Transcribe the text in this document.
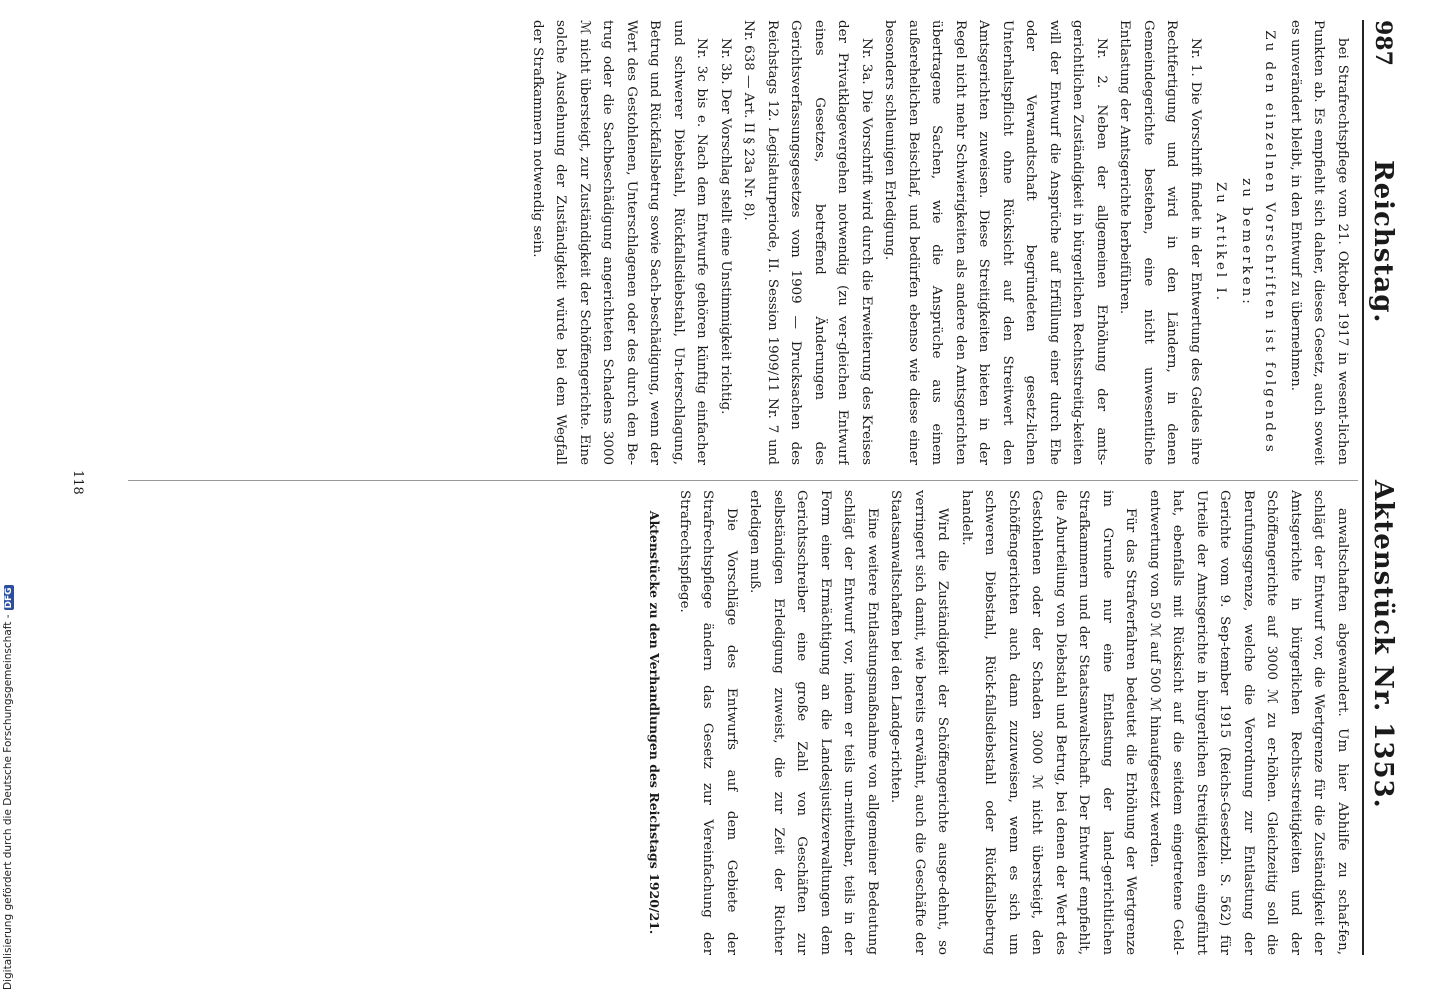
987
Reichstag.
Aktenstück Nr. 1353.

bei Strafrechtspflege vom 21. Oktober 1917 in wesent-lichen Punkten ab. Es empfiehlt sich daher, dieses Gesetz, auch soweit es unverändert bleibt, in den Entwurf zu übernehmen.

Zu den einzelnen Vorschriften ist folgendes zu bemerken:

Zu Artikel I.

Nr. 1. Die Vorschrift findet in der Entwertung des Geldes ihre Rechtfertigung und wird in den Ländern, in denen Gemeindegerichte bestehen, eine nicht unwesentliche Entlastung der Amtsgerichte herbeiführen.

Nr. 2. Neben der allgemeinen Erhöhung der amts-gerichtlichen Zuständigkeit in bürgerlichen Rechtsstreitig-keiten will der Entwurf die Ansprüche auf Erfüllung einer durch Ehe oder Verwandtschaft begründeten gesetz-lichen Unterhaltspflicht ohne Rücksicht auf den Streitwert den Amtsgerichten zuweisen. Diese Streitigkeiten bieten in der Regel nicht mehr Schwierigkeiten als andere den Amtsgerichten übertragene Sachen, wie die Ansprüche aus einem außerehelichen Beischlaf, und bedürfen ebenso wie diese einer besonders schleunigen Erledigung.

Nr. 3a. Die Vorschrift wird durch die Erweiterung des Kreises der Privatklagevergehen notwendig (zu ver-gleichen Entwurf eines Gesetzes, betreffend Änderungen des Gerichtsverfassungsgesetzes vom 1909 — Drucksachen des Reichstags 12. Legislaturperiode, II. Session 1909/11 Nr. 7 und Nr. 638 — Art. II § 23a Nr. 8).

Nr. 3b. Der Vorschlag stellt eine Unstimmigkeit richtig.

Nr. 3c bis e. Nach dem Entwurfe gehören künftig einfacher und schwerer Diebstahl, Rückfallsdiebstahl, Un-terschlagung, Betrug und Rückfallsbetrug sowie Sach-beschädigung, wenn der Wert des Gestohlenen, Unterschlagenen oder des durch den Be-trug oder die Sachbeschädigung angerichteten Schadens 3000 ℳ nicht übersteigt, zur Zuständigkeit der Schöffengerichte. Eine solche Ausdehnung der Zuständigkeit würde bei dem Wegfall der Strafkammern notwendig sein.

anwaltschaften abgewandert. Um hier Abhilfe zu schaf-fen, schlägt der Entwurf vor, die Wertgrenze für die Zuständigkeit der Amtsgerichte in bürgerlichen Rechts-streitigkeiten und der Schöffengerichte auf 3000 ℳ zu er-höhen. Gleichzeitig soll die Berufungsgrenze, welche die Verordnung zur Entlastung der Gerichte vom 9. Sep-tember 1915 (Reichs-Gesetzbl. S. 562) für Urteile der Amtsgerichte in bürgerlichen Streitigkeiten eingeführt hat, ebenfalls mit Rücksicht auf die seitdem eingetretene Geld-entwertung von 50 ℳ auf 500 ℳ hinaufgesetzt werden.

Für das Strafverfahren bedeutet die Erhöhung der Wertgrenze im Grunde nur eine Entlastung der land-gerichtlichen Strafkammern und der Staatsanwaltschaft. Der Entwurf empfiehlt, die Aburteilung von Diebstahl und Betrug, bei denen der Wert des Gestohlenen oder der Schaden 3000 ℳ nicht übersteigt, den Schöffengerichten auch dann zuzuweisen, wenn es sich um schweren Diebstahl, Rück-fallsdiebstahl oder Rückfallsbetrug handelt.

Wird die Zuständigkeit der Schöffengerichte ausge-dehnt, so verringert sich damit, wie bereits erwähnt, auch die Geschäfte der Staatsanwaltschaften bei den Landge-richten.

Eine weitere Entlastungsmaßnahme von allgemeiner Bedeutung schlägt der Entwurf vor, indem er teils un-mittelbar, teils in der Form einer Ermächtigung an die Landesjustizverwaltungen dem Gerichtsschreiber eine große Zahl von Geschäften zur selbständigen Erledigung zuweist, die zur Zeit der Richter erledigen muß.

Die Vorschläge des Entwurfs auf dem Gebiete der Strafrechtspflege ändern das Gesetz zur Vereinfachung der Strafrechtspflege.

Aktenstücke zu den Verhandlungen des Reichstags 1920/21.

118
Digitalisierung gefördert durch die Deutsche Forschungsgemeinschaft -DFG
